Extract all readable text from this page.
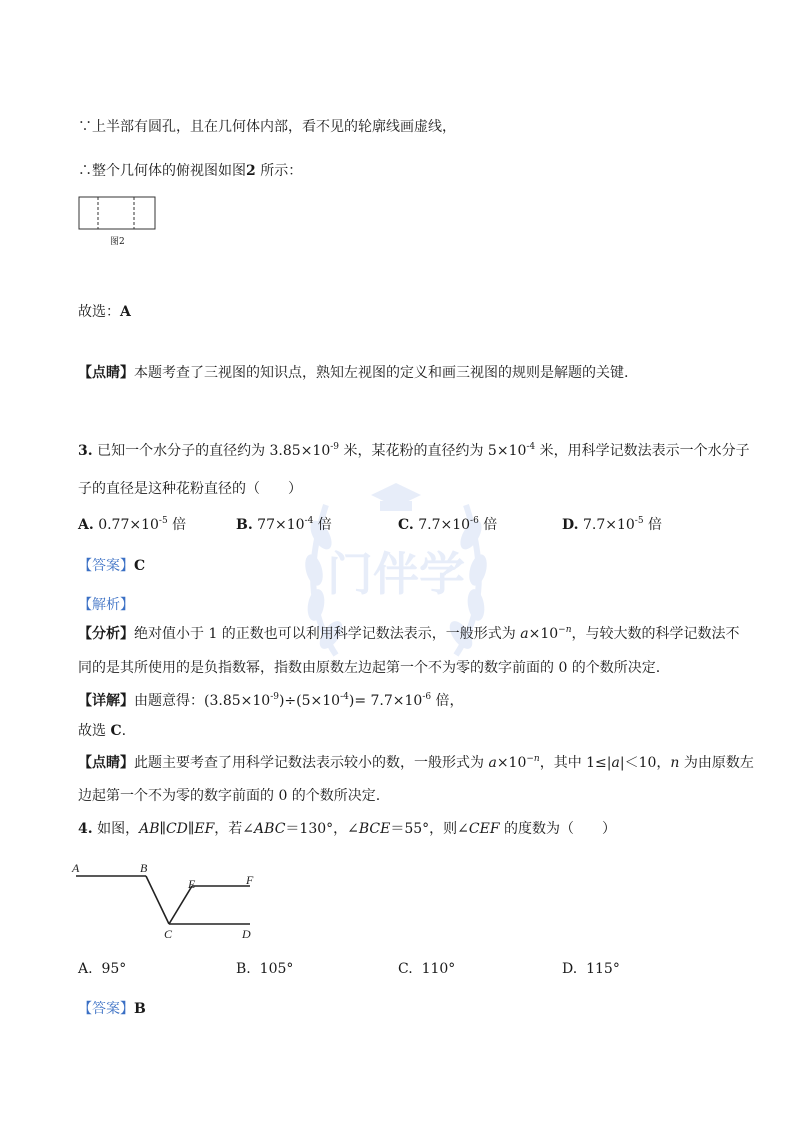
门伴学
∵上半部有圆孔，且在几何体内部，看不见的轮廓线画虚线，
∴整个几何体的俯视图如图2 所示：
图2
故选：A
【点睛】本题考查了三视图的知识点，熟知左视图的定义和画三视图的规则是解题的关键.
3. 已知一个水分子的直径约为 $3.85\times 10^{-9}$ 米，某花粉的直径约为 $5\times 10^{-4}$ 米，用科学记数法表示一个水分子
子的直径是这种花粉直径的（　　）
A. $0.77\times 10^{-5}$ 倍	B. $77\times 10^{-4}$ 倍	C. $7.7\times 10^{-6}$ 倍	D. $7.7\times 10^{-5}$ 倍
【答案】C
【解析】
【分析】绝对值小于 1 的正数也可以利用科学记数法表示，一般形式为 $a\times 10^{-n}$，与较大数的科学记数法不
同的是其所使用的是负指数幂，指数由原数左边起第一个不为零的数字前面的 0 的个数所决定.
【详解】由题意得：$(3.85\times 10^{-9})\div(5\times 10^{-4})= 7.7\times 10^{-6}$ 倍，
故选 C.
【点睛】此题主要考查了用科学记数法表示较小的数，一般形式为 $a\times 10^{-n}$，其中 1≤|a|＜10，n 为由原数左
边起第一个不为零的数字前面的 0 的个数所决定.
4. 如图，AB∥CD∥EF，若∠ABC＝130°，∠BCE＝55°，则∠CEF 的度数为（　　）
A	B
C	D
E	F
A. 95°	B. 105°	C. 110°	D. 115°
【答案】B
